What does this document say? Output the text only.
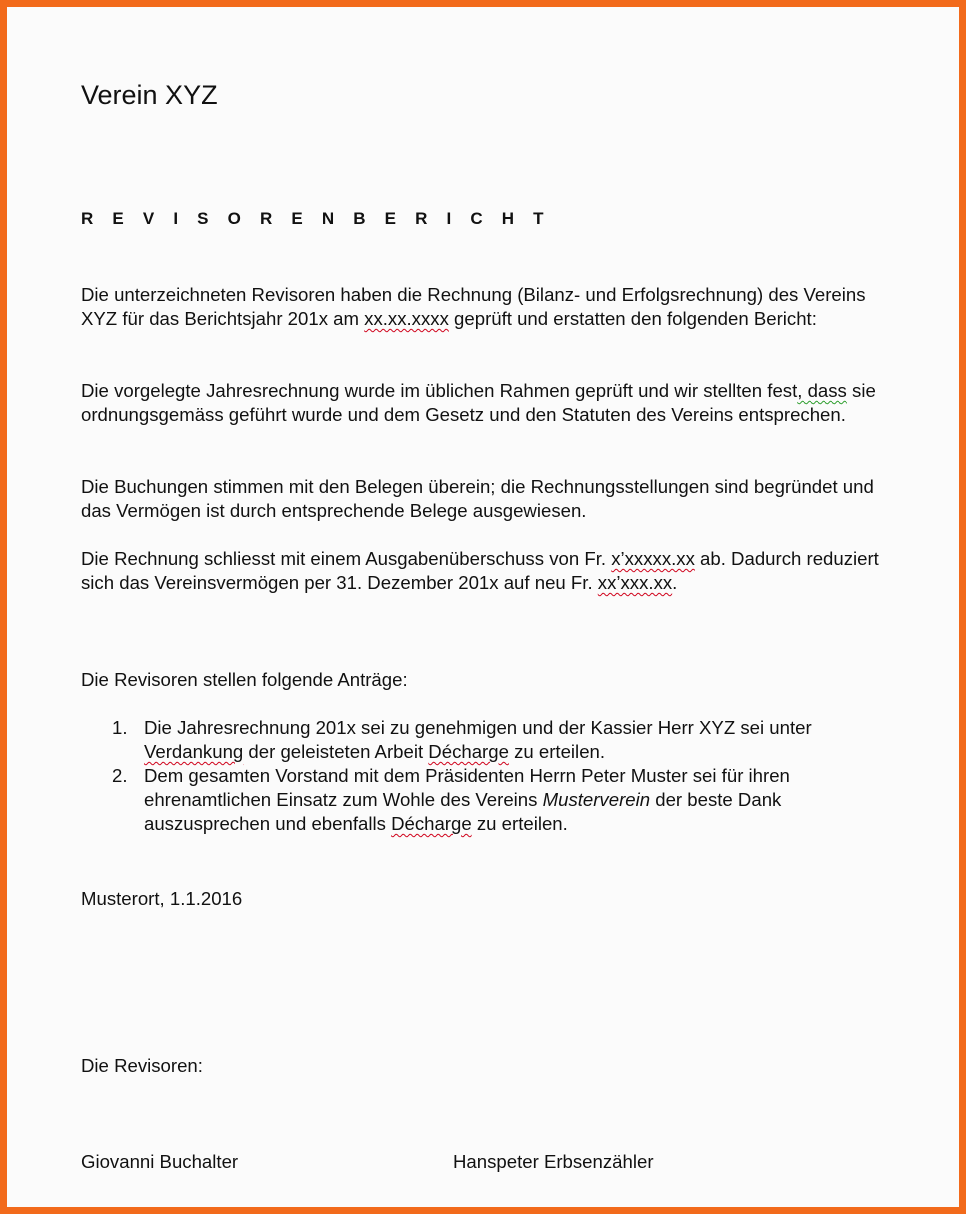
Verein XYZ
R E V I S O R E N B E R I C H T

Die unterzeichneten Revisoren haben die Rechnung (Bilanz- und Erfolgsrechnung) des Vereins XYZ für das Berichtsjahr 201x am xx.xx.xxxx geprüft und erstatten den folgenden Bericht:

Die vorgelegte Jahresrechnung wurde im üblichen Rahmen geprüft und wir stellten fest, dass sie ordnungsgemäss geführt wurde und dem Gesetz und den Statuten des Vereins entsprechen.

Die Buchungen stimmen mit den Belegen überein; die Rechnungsstellungen sind begründet und das Vermögen ist durch entsprechende Belege ausgewiesen.

Die Rechnung schliesst mit einem Ausgabenüberschuss von Fr. x’xxxxx.xx ab. Dadurch reduziert sich das Vereinsvermögen per 31. Dezember 201x auf neu Fr. xx’xxx.xx.

Die Revisoren stellen folgende Anträge:

1. Die Jahresrechnung 201x sei zu genehmigen und der Kassier Herr XYZ sei unter Verdankung der geleisteten Arbeit Décharge zu erteilen.
2. Dem gesamten Vorstand mit dem Präsidenten Herrn Peter Muster sei für ihren ehrenamtlichen Einsatz zum Wohle des Vereins Musterverein der beste Dank auszusprechen und ebenfalls Décharge zu erteilen.

Musterort, 1.1.2016

Die Revisoren:

Giovanni Buchalter	Hanspeter Erbsenzähler
